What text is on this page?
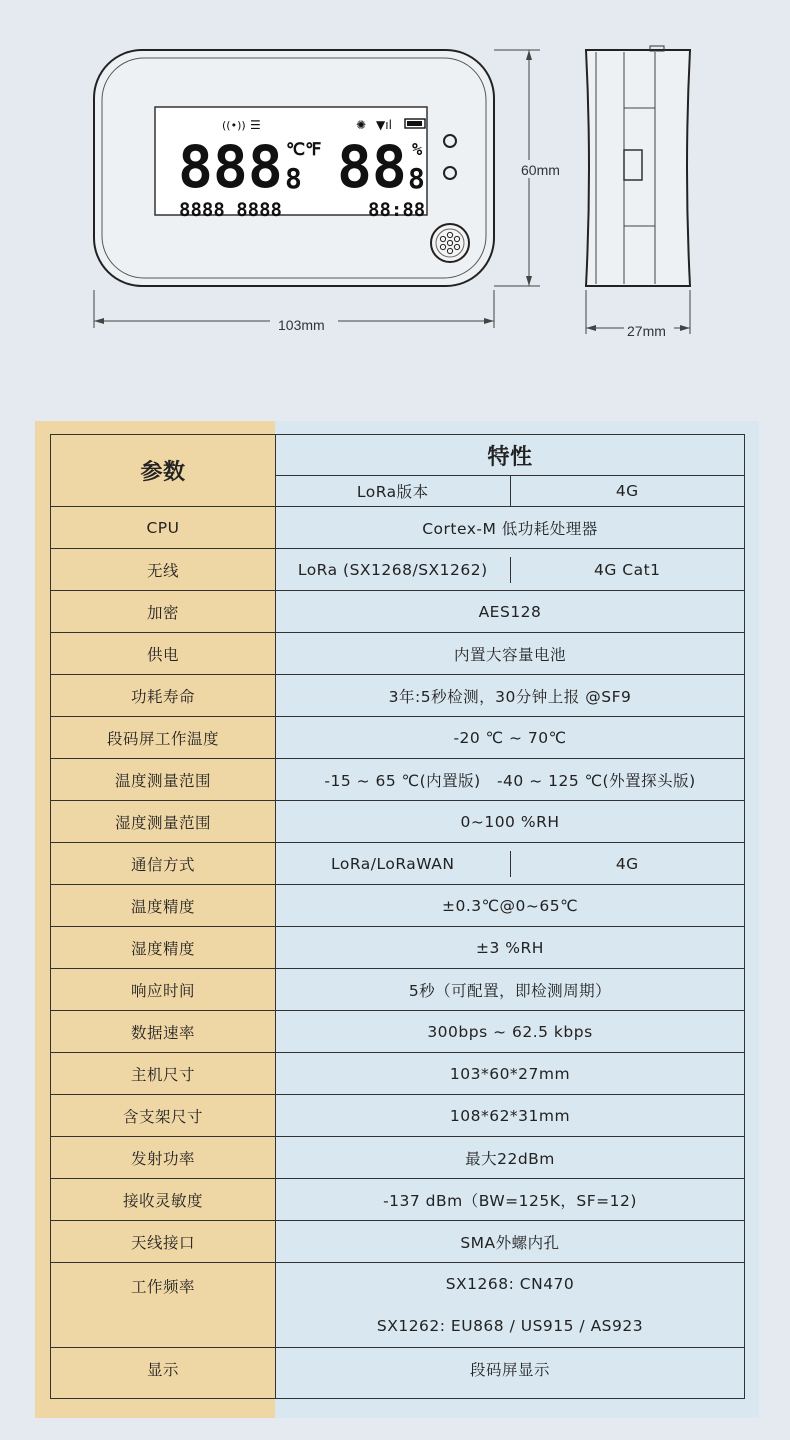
((•)) ☰	✺ ▼ıl
888 8
℃℉ 88 8
%
8888 8888	88:88
103mm
60mm
27mm
参数	特性	
	LoRa版本	4G
CPU	Cortex-M 低功耗处理器	
无线	LoRa (SX1268/SX1262) 4G Cat1	

加密	AES128	
供电	内置大容量电池	
功耗寿命	3年:5秒检测，30分钟上报 @SF9	
段码屏工作温度	-20 ℃ ~ 70℃	
温度测量范围	-15 ~ 65 ℃(内置版)   -40 ~ 125 ℃(外置探头版)	
湿度测量范围	0~100 %RH	
通信方式	LoRa/LoRaWAN 4G	

温度精度	±0.3℃@0~65℃	
湿度精度	±3 %RH	
响应时间	5秒（可配置，即检测周期）	
数据速率	300bps ~ 62.5 kbps	
主机尺寸	103*60*27mm	
含支架尺寸	108*62*31mm	
发射功率	最大22dBm	
接收灵敏度	-137 dBm（BW=125K，SF=12)	
天线接口	SMA外螺内孔	
工作频率	SX1268: CN470
SX1262: EU868 / US915 / AS923	

显示	段码屏显示	
